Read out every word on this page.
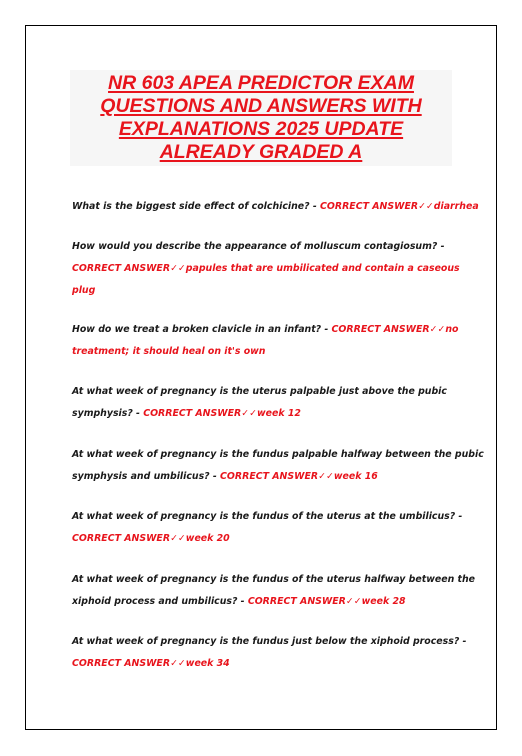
NR 603 APEA PREDICTOR EXAM
QUESTIONS AND ANSWERS WITH
EXPLANATIONS 2025 UPDATE
ALREADY GRADED A
What is the biggest side effect of colchicine? - CORRECT ANSWER✓✓diarrhea
How would you describe the appearance of molluscum contagiosum? -
CORRECT ANSWER✓✓papules that are umbilicated and contain a caseous
plug
How do we treat a broken clavicle in an infant? - CORRECT ANSWER✓✓no
treatment; it should heal on it's own
At what week of pregnancy is the uterus palpable just above the pubic
symphysis? - CORRECT ANSWER✓✓week 12
At what week of pregnancy is the fundus palpable halfway between the pubic
symphysis and umbilicus? - CORRECT ANSWER✓✓week 16
At what week of pregnancy is the fundus of the uterus at the umbilicus? -
CORRECT ANSWER✓✓week 20
At what week of pregnancy is the fundus of the uterus halfway between the
xiphoid process and umbilicus? - CORRECT ANSWER✓✓week 28
At what week of pregnancy is the fundus just below the xiphoid process? -
CORRECT ANSWER✓✓week 34
